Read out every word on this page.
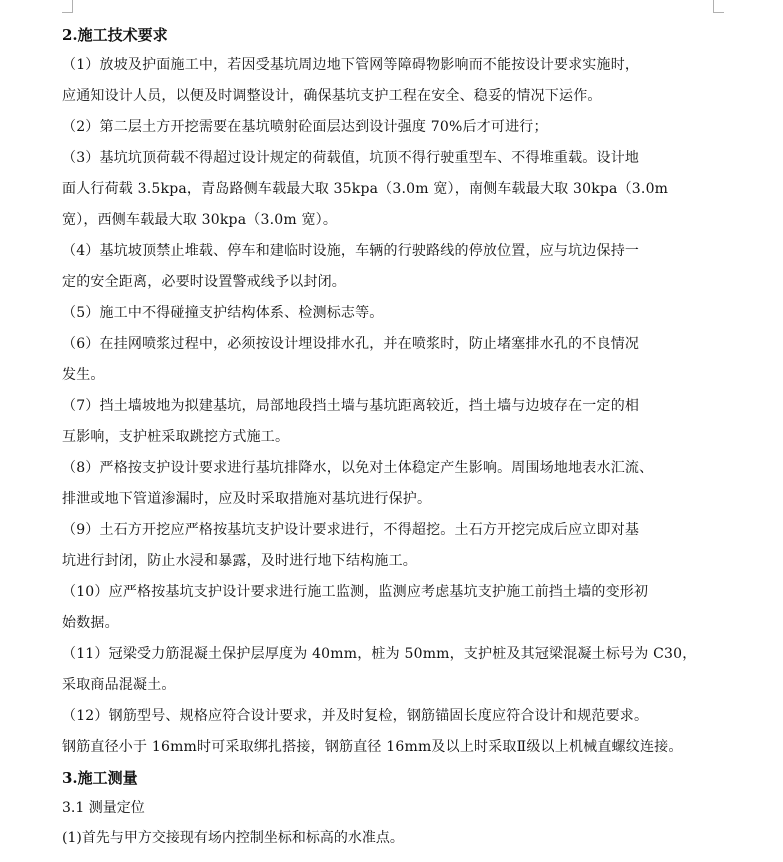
2.施工技术要求

（1）放坡及护面施工中，若因受基坑周边地下管网等障碍物影响而不能按设计要求实施时，
应通知设计人员，以便及时调整设计，确保基坑支护工程在安全、稳妥的情况下运作。

（2）第二层土方开挖需要在基坑喷射砼面层达到设计强度 70%后才可进行；

（3）基坑坑顶荷载不得超过设计规定的荷载值，坑顶不得行驶重型车、不得堆重载。设计地
面人行荷载 3.5kpa，青岛路侧车载最大取 35kpa（3.0m 宽），南侧车载最大取 30kpa（3.0m
宽），西侧车载最大取 30kpa（3.0m 宽）。

（4）基坑坡顶禁止堆载、停车和建临时设施，车辆的行驶路线的停放位置，应与坑边保持一
定的安全距离，必要时设置警戒线予以封闭。

（5）施工中不得碰撞支护结构体系、检测标志等。

（6）在挂网喷浆过程中，必须按设计埋设排水孔，并在喷浆时，防止堵塞排水孔的不良情况
发生。

（7）挡土墙坡地为拟建基坑，局部地段挡土墙与基坑距离较近，挡土墙与边坡存在一定的相
互影响，支护桩采取跳挖方式施工。

（8）严格按支护设计要求进行基坑排降水，以免对土体稳定产生影响。周围场地地表水汇流、
排泄或地下管道渗漏时，应及时采取措施对基坑进行保护。

（9）土石方开挖应严格按基坑支护设计要求进行，不得超挖。土石方开挖完成后应立即对基
坑进行封闭，防止水浸和暴露，及时进行地下结构施工。

（10）应严格按基坑支护设计要求进行施工监测，监测应考虑基坑支护施工前挡土墙的变形初
始数据。

（11）冠梁受力筋混凝土保护层厚度为 40mm，桩为 50mm，支护桩及其冠梁混凝土标号为 C30，
采取商品混凝土。

（12）钢筋型号、规格应符合设计要求，并及时复检，钢筋锚固长度应符合设计和规范要求。
钢筋直径小于 16mm时可采取绑扎搭接，钢筋直径 16mm及以上时采取Ⅱ级以上机械直螺纹连接。

3.施工测量

3.1 测量定位

(1)首先与甲方交接现有场内控制坐标和标高的水准点。
